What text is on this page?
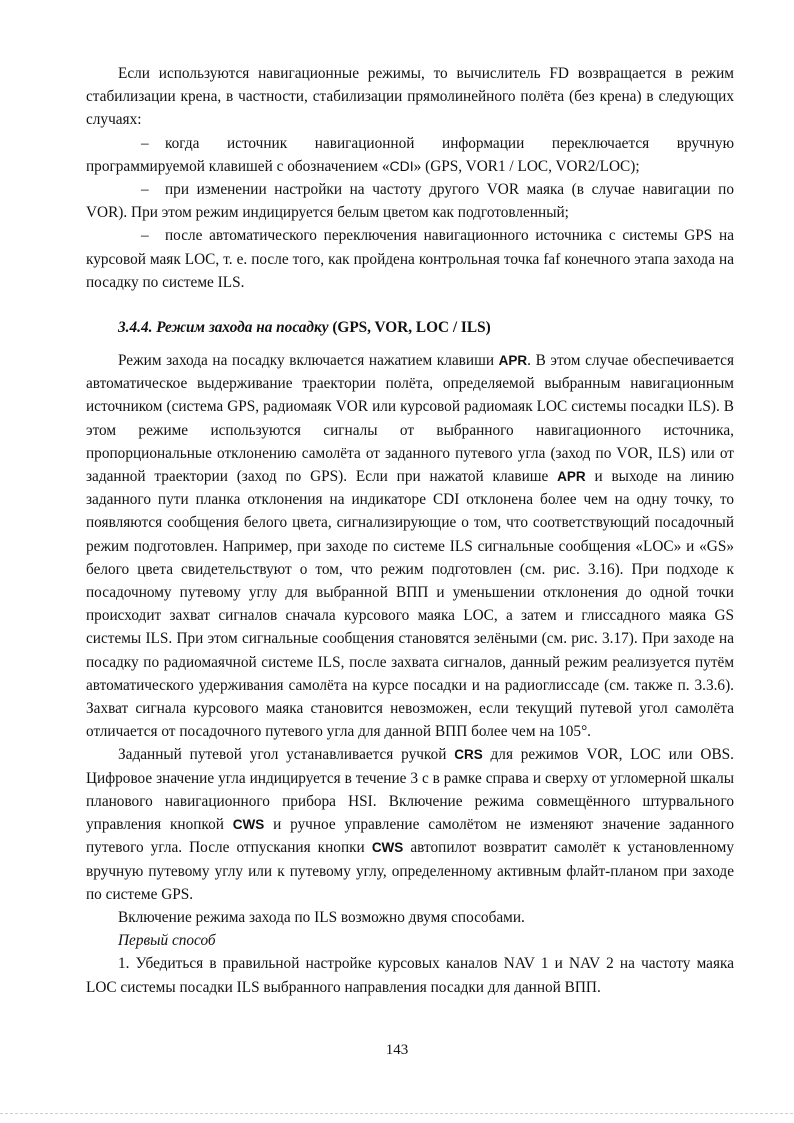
Если используются навигационные режимы, то вычислитель FD возвращается в режим стабилизации крена, в частности, стабилизации прямолинейного полёта (без крена) в следующих случаях:

– когда источник навигационной информации переключается вручную программируемой клавишей с обозначением «CDI» (GPS, VOR1 / LOC, VOR2/LOC);

– при изменении настройки на частоту другого VOR маяка (в случае навигации по VOR). При этом режим индицируется белым цветом как подготовленный;

– после автоматического переключения навигационного источника с системы GPS на курсовой маяк LOC, т. е. после того, как пройдена контрольная точка faf конечного этапа захода на посадку по системе ILS.

3.4.4. Режим захода на посадку (GPS, VOR, LOC / ILS)

Режим захода на посадку включается нажатием клавиши APR. В этом случае обеспечивается автоматическое выдерживание траектории полёта, определяемой выбранным навигационным источником (система GPS, радиомаяк VOR или курсовой радиомаяк LOC системы посадки ILS). В этом режиме используются сигналы от выбранного навигационного источника, пропорциональные отклонению самолёта от заданного путевого угла (заход по VOR, ILS) или от заданной траектории (заход по GPS). Если при нажатой клавише APR и выходе на линию заданного пути планка отклонения на индикаторе CDI отклонена более чем на одну точку, то появляются сообщения белого цвета, сигнализирующие о том, что соответствующий посадочный режим подготовлен. Например, при заходе по системе ILS сигнальные сообщения «LOC» и «GS» белого цвета свидетельствуют о том, что режим подготовлен (см. рис. 3.16). При подходе к посадочному путевому углу для выбранной ВПП и уменьшении отклонения до одной точки происходит захват сигналов сначала курсового маяка LOC, а затем и глиссадного маяка GS системы ILS. При этом сигнальные сообщения становятся зелёными (см. рис. 3.17). При заходе на посадку по радиомаячной системе ILS, после захвата сигналов, данный режим реализуется путём автоматического удерживания самолёта на курсе посадки и на радиоглиссаде (см. также п. 3.3.6). Захват сигнала курсового маяка становится невозможен, если текущий путевой угол самолёта отличается от посадочного путевого угла для данной ВПП более чем на 105°.

Заданный путевой угол устанавливается ручкой CRS для режимов VOR, LOC или OBS. Цифровое значение угла индицируется в течение 3 с в рамке справа и сверху от угломерной шкалы планового навигационного прибора HSI. Включение режима совмещённого штурвального управления кнопкой CWS и ручное управление самолётом не изменяют значение заданного путевого угла. После отпускания кнопки CWS автопилот возвратит самолёт к установленному вручную путевому углу или к путевому углу, определенному активным флайт-планом при заходе по системе GPS.

Включение режима захода по ILS возможно двумя способами.

Первый способ

1. Убедиться в правильной настройке курсовых каналов NAV 1 и NAV 2 на частоту маяка LOC системы посадки ILS выбранного направления посадки для данной ВПП.

143
